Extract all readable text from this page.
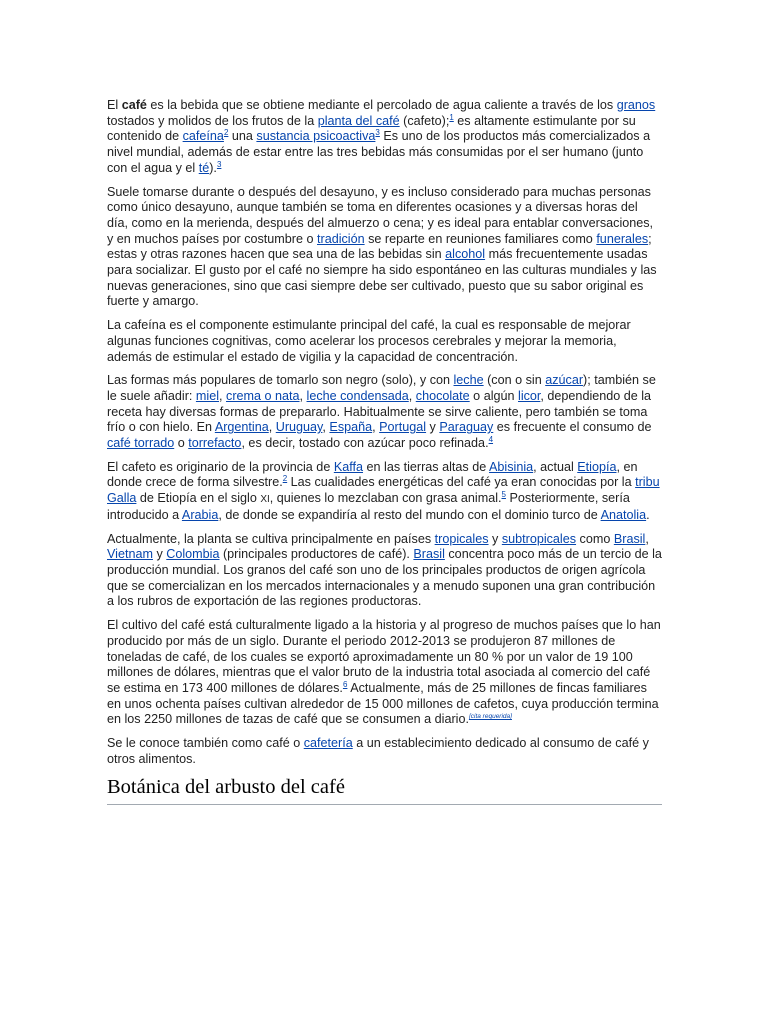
El café es la bebida que se obtiene mediante el percolado de agua caliente a través de los granos tostados y molidos de los frutos de la planta del café (cafeto);$^1$ es altamente estimulante por su contenido de cafeína$^2$ una sustancia psicoactiva$^3$ Es uno de los productos más comercializados a nivel mundial, además de estar entre las tres bebidas más consumidas por el ser humano (junto con el agua y el té).$^3$

Suele tomarse durante o después del desayuno, y es incluso considerado para muchas personas como único desayuno, aunque también se toma en diferentes ocasiones y a diversas horas del día, como en la merienda, después del almuerzo o cena; y es ideal para entablar conversaciones, y en muchos países por costumbre o tradición se reparte en reuniones familiares como funerales; estas y otras razones hacen que sea una de las bebidas sin alcohol más frecuentemente usadas para socializar. El gusto por el café no siempre ha sido espontáneo en las culturas mundiales y las nuevas generaciones, sino que casi siempre debe ser cultivado, puesto que su sabor original es fuerte y amargo.

La cafeína es el componente estimulante principal del café, la cual es responsable de mejorar algunas funciones cognitivas, como acelerar los procesos cerebrales y mejorar la memoria, además de estimular el estado de vigilia y la capacidad de concentración.

Las formas más populares de tomarlo son negro (solo), y con leche (con o sin azúcar); también se le suele añadir: miel, crema o nata, leche condensada, chocolate o algún licor, dependiendo de la receta hay diversas formas de prepararlo. Habitualmente se sirve caliente, pero también se toma frío o con hielo. En Argentina, Uruguay, España, Portugal y Paraguay es frecuente el consumo de café torrado o torrefacto, es decir, tostado con azúcar poco refinada.$^4$

El cafeto es originario de la provincia de Kaffa en las tierras altas de Abisinia, actual Etiopía, en donde crece de forma silvestre.$^2$ Las cualidades energéticas del café ya eran conocidas por la tribu Galla de Etiopía en el siglo XI, quienes lo mezclaban con grasa animal.$^5$ Posteriormente, sería introducido a Arabia, de donde se expandiría al resto del mundo con el dominio turco de Anatolia.

Actualmente, la planta se cultiva principalmente en países tropicales y subtropicales como Brasil, Vietnam y Colombia (principales productores de café). Brasil concentra poco más de un tercio de la producción mundial. Los granos del café son uno de los principales productos de origen agrícola que se comercializan en los mercados internacionales y a menudo suponen una gran contribución a los rubros de exportación de las regiones productoras.

El cultivo del café está culturalmente ligado a la historia y al progreso de muchos países que lo han producido por más de un siglo. Durante el periodo 2012-2013 se produjeron 87 millones de toneladas de café, de los cuales se exportó aproximadamente un 80 % por un valor de 19 100 millones de dólares, mientras que el valor bruto de la industria total asociada al comercio del café se estima en 173 400 millones de dólares.$^6$ Actualmente, más de 25 millones de fincas familiares en unos ochenta países cultivan alrededor de 15 000 millones de cafetos, cuya producción termina en los 2250 millones de tazas de café que se consumen a diario.[cita requerida]

Se le conoce también como café o cafetería a un establecimiento dedicado al consumo de café y otros alimentos.

Botánica del arbusto del café
